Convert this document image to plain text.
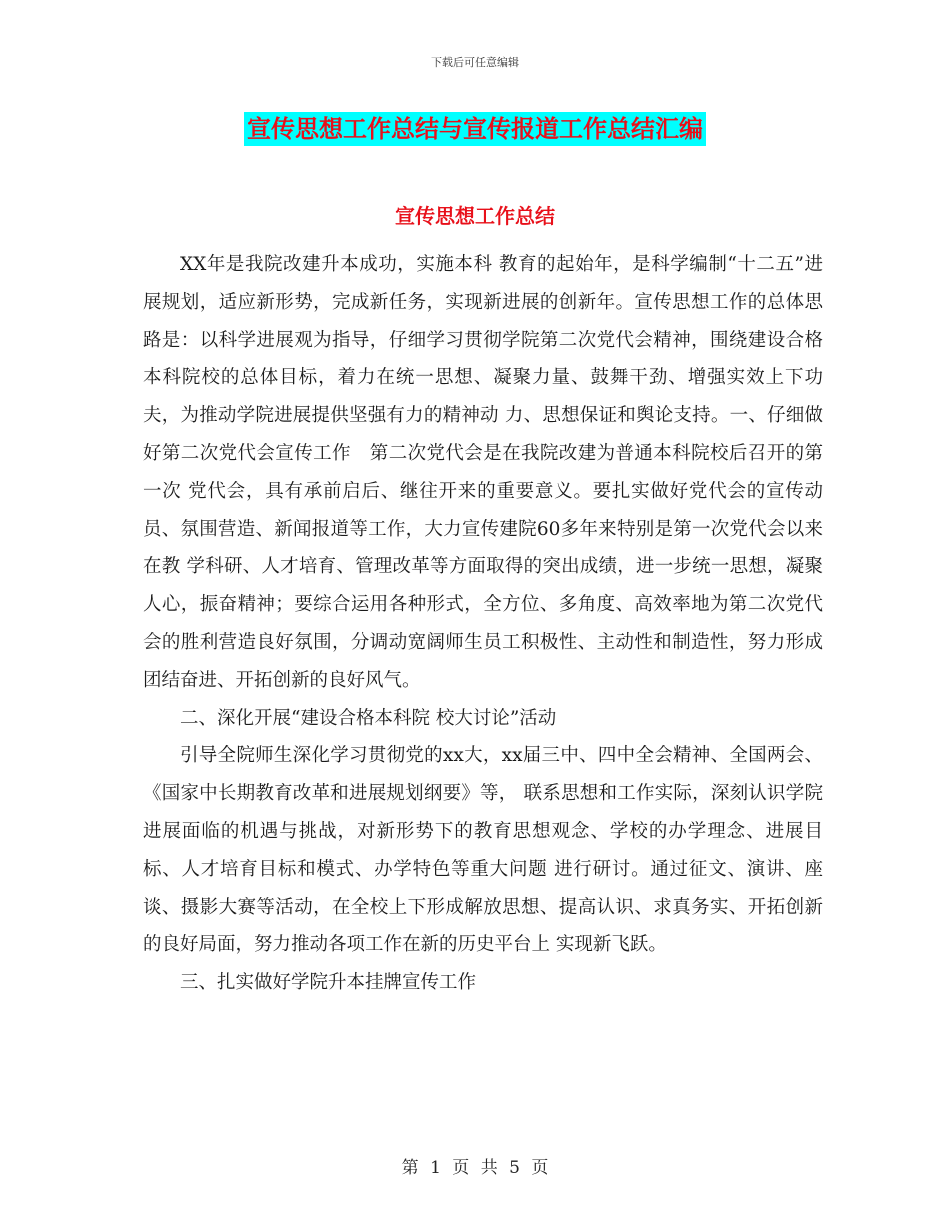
下载后可任意编辑
宣传思想工作总结与宣传报道工作总结汇编
宣传思想工作总结

XX年是我院改建升本成功，实施本科 教育的起始年，是科学编制“十二五”进展规划，适应新形势，完成新任务，实现新进展的创新年。宣传思想工作的总体思路是：以科学进展观为指导，仔细学习贯彻学院第二次党代会精神，围绕建设合格本科院校的总体目标，着力在统一思想、凝聚力量、鼓舞干劲、增强实效上下功夫，为推动学院进展提供坚强有力的精神动 力、思想保证和舆论支持。一、仔细做好第二次党代会宣传工作　第二次党代会是在我院改建为普通本科院校后召开的第一次 党代会，具有承前启后、继往开来的重要意义。要扎实做好党代会的宣传动员、氛围营造、新闻报道等工作，大力宣传建院60多年来特别是第一次党代会以来在教 学科研、人才培育、管理改革等方面取得的突出成绩，进一步统一思想，凝聚人心，振奋精神；要综合运用各种形式，全方位、多角度、高效率地为第二次党代会的胜利营造良好氛围，分调动宽阔师生员工积极性、主动性和制造性，努力形成团结奋进、开拓创新的良好风气。

二、深化开展“建设合格本科院 校大讨论”活动

引导全院师生深化学习贯彻党的xx大，xx届三中、四中全会精神、全国两会、《国家中长期教育改革和进展规划纲要》等， 联系思想和工作实际，深刻认识学院进展面临的机遇与挑战，对新形势下的教育思想观念、学校的办学理念、进展目标、人才培育目标和模式、办学特色等重大问题 进行研讨。通过征文、演讲、座谈、摄影大赛等活动，在全校上下形成解放思想、提高认识、求真务实、开拓创新的良好局面，努力推动各项工作在新的历史平台上 实现新飞跃。

三、扎实做好学院升本挂牌宣传工作

第 1 页 共 5 页
